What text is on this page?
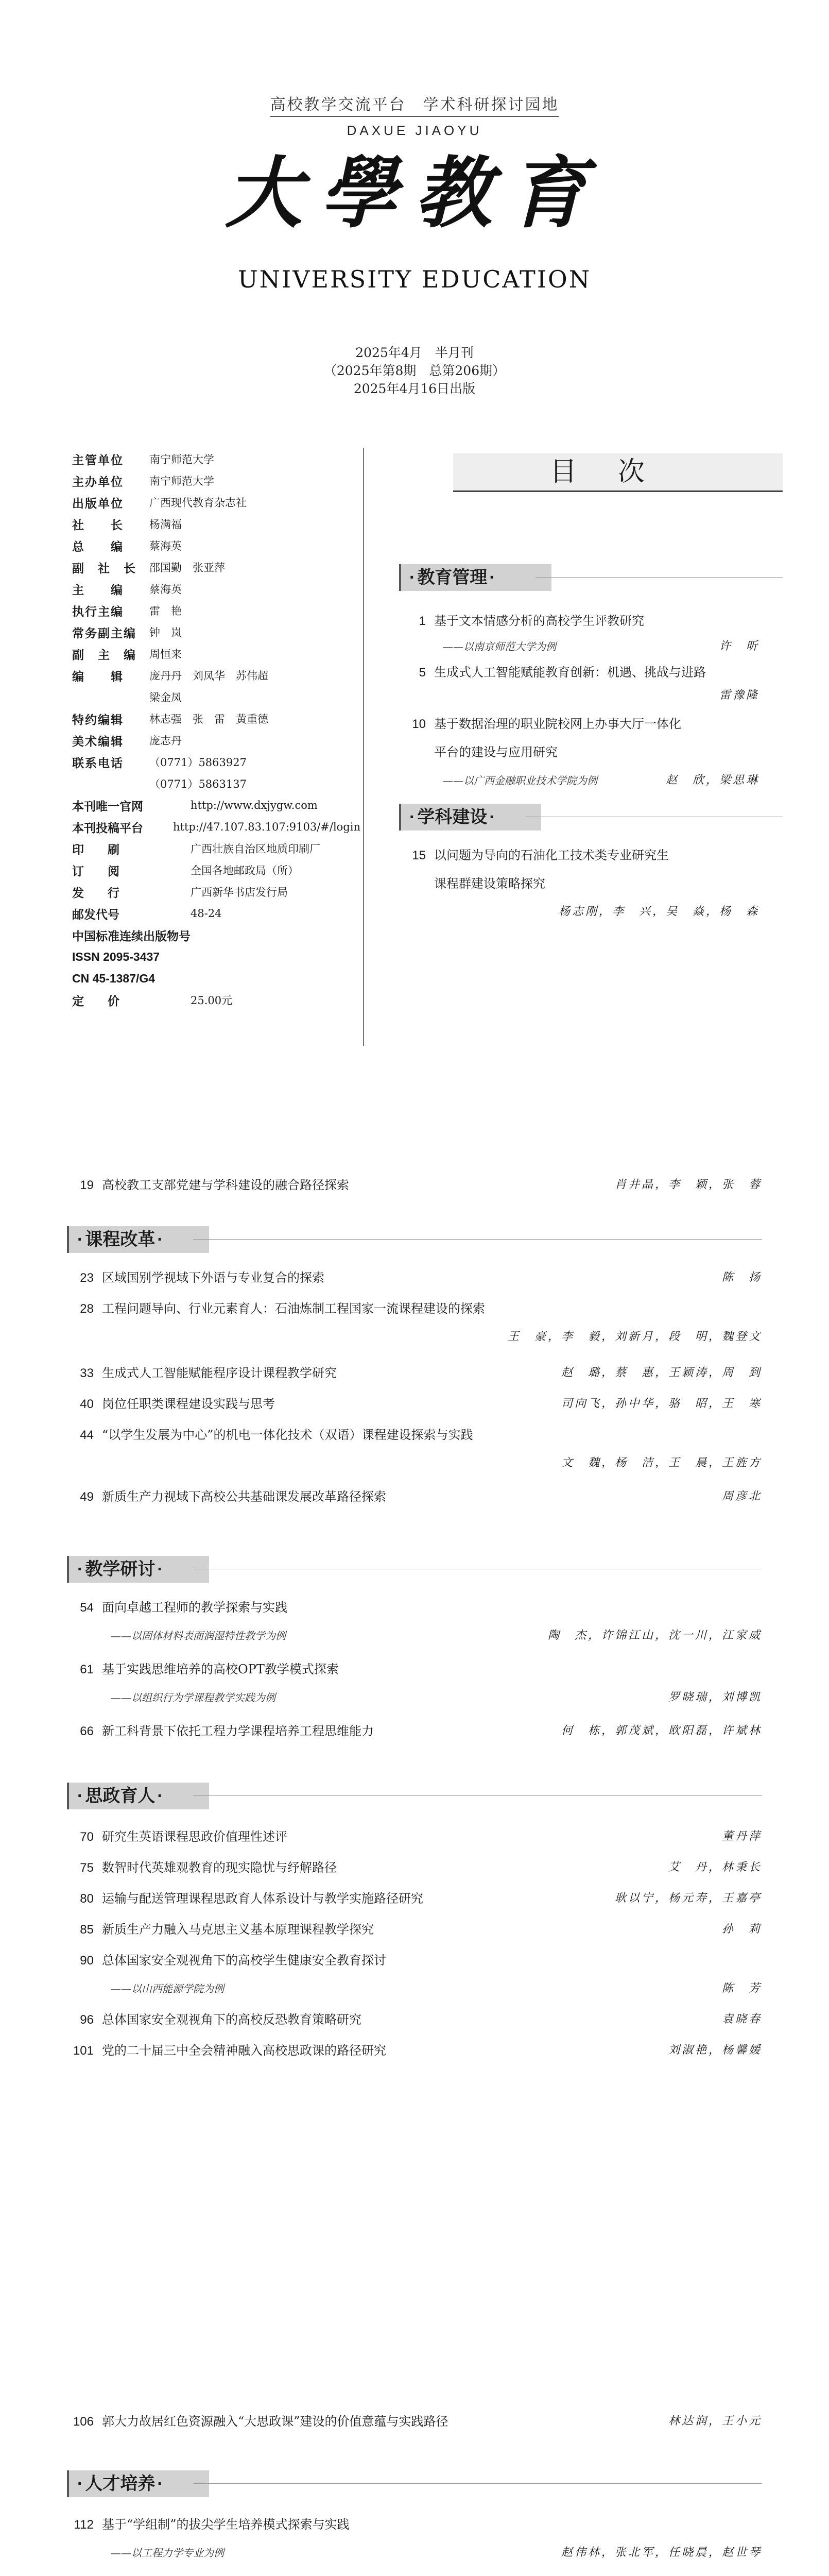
高校教学交流平台　学术科研探讨园地
DAXUE JIAOYU
大學教育
UNIVERSITY EDUCATION
2025年4月　半月刊
（2025年第8期　总第206期）
2025年4月16日出版
主管单位	南宁师范大学
主办单位	南宁师范大学
出版单位	广西现代教育杂志社
社　　长	杨满福
总　　编	蔡海英
副　社　长	邵国勤　张亚萍
主　　编	蔡海英
执行主编	雷　艳
常务副主编	钟　岚
副　主　编	周恒来
编　　辑	庞丹丹　刘凤华　苏伟超
梁金凤
特约编辑	林志强　张　雷　黄重德
美术编辑	庞志丹
联系电话	（0771）5863927
（0771）5863137
本刊唯一官网	http://www.dxjygw.com
本刊投稿平台	http://47.107.83.107:9103/#/login
印　　刷	广西壮族自治区地质印刷厂
订　　阅	全国各地邮政局（所）
发　　行	广西新华书店发行局
邮发代号	48-24
中国标准连续出版物号
ISSN 2095-3437
CN 45-1387/G4
定　　价	25.00元
目次
· 教育管理 ·
1 基于文本情感分析的高校学生评教研究
——以南京师范大学为例	许　昕
5 生成式人工智能赋能教育创新：机遇、挑战与进路
雷豫隆
10 基于数据治理的职业院校网上办事大厅一体化
平台的建设与应用研究
——以广西金融职业技术学院为例	赵　欣，梁思琳
· 学科建设 ·
15 以问题为导向的石油化工技术类专业研究生
课程群建设策略探究
杨志刚，李　兴，吴　焱，杨　森
19 高校教工支部党建与学科建设的融合路径探索	肖井晶，李　颖，张　蓉
· 课程改革 ·
23 区域国别学视域下外语与专业复合的探索	陈　扬
28 工程问题导向、行业元素育人：石油炼制工程国家一流课程建设的探索
王　豪，李　毅，刘新月，段　明，魏登文
33 生成式人工智能赋能程序设计课程教学研究	赵　璐，蔡　惠，王颖涛，周　到
40 岗位任职类课程建设实践与思考	司向飞，孙中华，骆　昭，王　寒
44 “以学生发展为中心”的机电一体化技术（双语）课程建设探索与实践
文　魏，杨　洁，王　晨，王旌方
49 新质生产力视域下高校公共基础课发展改革路径探索	周彦北
· 教学研讨 ·
54 面向卓越工程师的教学探索与实践
——以固体材料表面润湿特性教学为例	陶　杰，许锦江山，沈一川，江家威
61 基于实践思维培养的高校OPT教学模式探索
——以组织行为学课程教学实践为例	罗晓瑞，刘博凯
66 新工科背景下依托工程力学课程培养工程思维能力	何　栋，郭茂斌，欧阳磊，许斌林
· 思政育人 ·
70 研究生英语课程思政价值理性述评	董丹萍
75 数智时代英雄观教育的现实隐忧与纾解路径	艾　丹，林秉长
80 运输与配送管理课程思政育人体系设计与教学实施路径研究	耿以宁，杨元寿，王嘉亭
85 新质生产力融入马克思主义基本原理课程教学探究	孙　莉
90 总体国家安全观视角下的高校学生健康安全教育探讨
——以山西能源学院为例	陈　芳
96 总体国家安全观视角下的高校反恐教育策略研究	袁晓春
101 党的二十届三中全会精神融入高校思政课的路径研究	刘淑艳，杨馨媛
106 郭大力故居红色资源融入“大思政课”建设的价值意蕴与实践路径	林达润，王小元
· 人才培养 ·
112 基于“学组制”的拔尖学生培养模式探索与实践
——以工程力学专业为例	赵伟林，张北军，任晓晨，赵世琴
